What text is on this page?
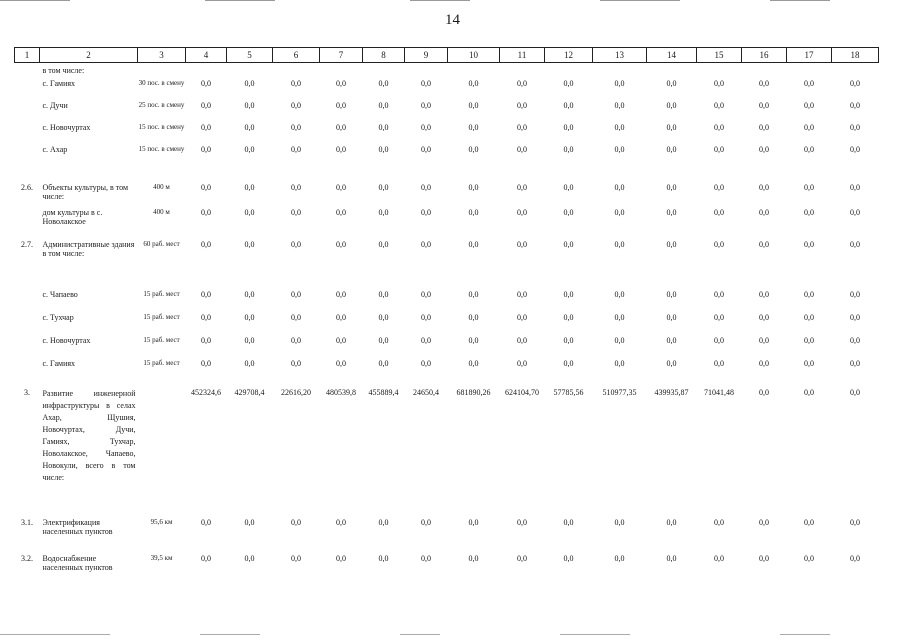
14
1	2	3	4	5	6	7	8	9	10	11	12	13	14	15	16	17	18
	в том числе:																
	с. Гамиях	30 пос. в смену	0,0	0,0	0,0	0,0	0,0	0,0	0,0	0,0	0,0	0,0	0,0	0,0	0,0	0,0	0,0
	с. Дучи	25 пос. в смену	0,0	0,0	0,0	0,0	0,0	0,0	0,0	0,0	0,0	0,0	0,0	0,0	0,0	0,0	0,0
	с. Новочуртах	15 пос. в смену	0,0	0,0	0,0	0,0	0,0	0,0	0,0	0,0	0,0	0,0	0,0	0,0	0,0	0,0	0,0
	с. Ахар	15 пос. в смену	0,0	0,0	0,0	0,0	0,0	0,0	0,0	0,0	0,0	0,0	0,0	0,0	0,0	0,0	0,0
2.6.	Объекты культуры, в том числе:	400 м	0,0	0,0	0,0	0,0	0,0	0,0	0,0	0,0	0,0	0,0	0,0	0,0	0,0	0,0	0,0
	дом культуры в с. Новолакское	400 м	0,0	0,0	0,0	0,0	0,0	0,0	0,0	0,0	0,0	0,0	0,0	0,0	0,0	0,0	0,0
2.7.	Административные здания в том числе:	60 раб. мест	0,0	0,0	0,0	0,0	0,0	0,0	0,0	0,0	0,0	0,0	0,0	0,0	0,0	0,0	0,0
	с. Чапаево	15 раб. мест	0,0	0,0	0,0	0,0	0,0	0,0	0,0	0,0	0,0	0,0	0,0	0,0	0,0	0,0	0,0
	с. Тухчар	15 раб. мест	0,0	0,0	0,0	0,0	0,0	0,0	0,0	0,0	0,0	0,0	0,0	0,0	0,0	0,0	0,0
	с. Новочуртах	15 раб. мест	0,0	0,0	0,0	0,0	0,0	0,0	0,0	0,0	0,0	0,0	0,0	0,0	0,0	0,0	0,0
	с. Гамиях	15 раб. мест	0,0	0,0	0,0	0,0	0,0	0,0	0,0	0,0	0,0	0,0	0,0	0,0	0,0	0,0	0,0
3.	Развитие инженерной инфраструктуры в селах Ахар, Щушия, Новочуртах, Дучи, Гамиях, Тухчар, Новолакское, Чапаево, Новокули, всего в том числе:		452324,6	429708,4	22616,20	480539,8	455889,4	24650,4	681890,26	624104,70	57785,56	510977,35	439935,87	71041,48	0,0	0,0	0,0
3.1.	Электрификация населенных пунктов	95,6 км	0,0	0,0	0,0	0,0	0,0	0,0	0,0	0,0	0,0	0,0	0,0	0,0	0,0	0,0	0,0
3.2.	Водоснабжение населенных пунктов	39,5 км	0,0	0,0	0,0	0,0	0,0	0,0	0,0	0,0	0,0	0,0	0,0	0,0	0,0	0,0	0,0
